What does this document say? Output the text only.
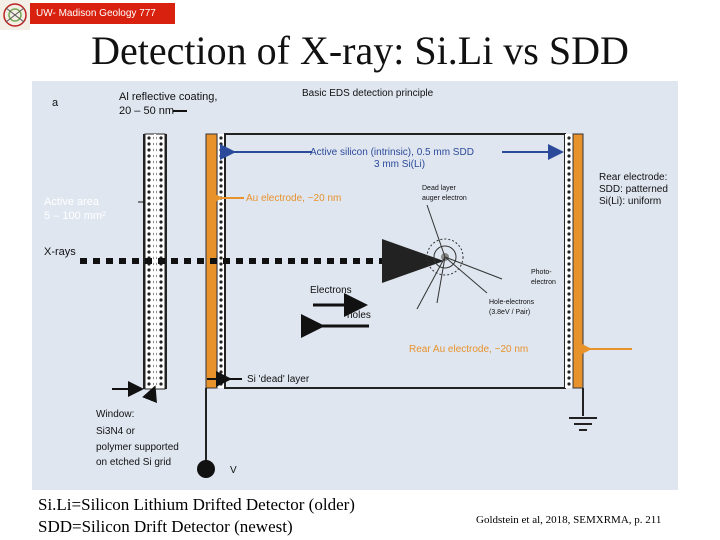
UW- Madison Geology 777
Detection of X-ray: Si.Li vs SDD
a
Basic EDS detection principle
Al reflective coating,
20 – 50 nm
Active area
5 – 100 mm²
X-rays
Active silicon (intrinsic), 0.5 mm SDD
3 mm Si(Li)
Au electrode, ~20 nm
Dead layer
auger electron
Photo-
electron
Hole-electrons
(3.8eV / Pair)
Electrons
holes
Rear electrode:
SDD: patterned
Si(Li): uniform
Rear Au electrode, ~20 nm
Si 'dead' layer
Window:
Si3N4 or
polymer supported
on etched Si grid
V
Si.Li=Silicon Lithium Drifted Detector (older)
SDD=Silicon Drift Detector (newest)	Goldstein et al, 2018, SEMXRMA, p. 211
